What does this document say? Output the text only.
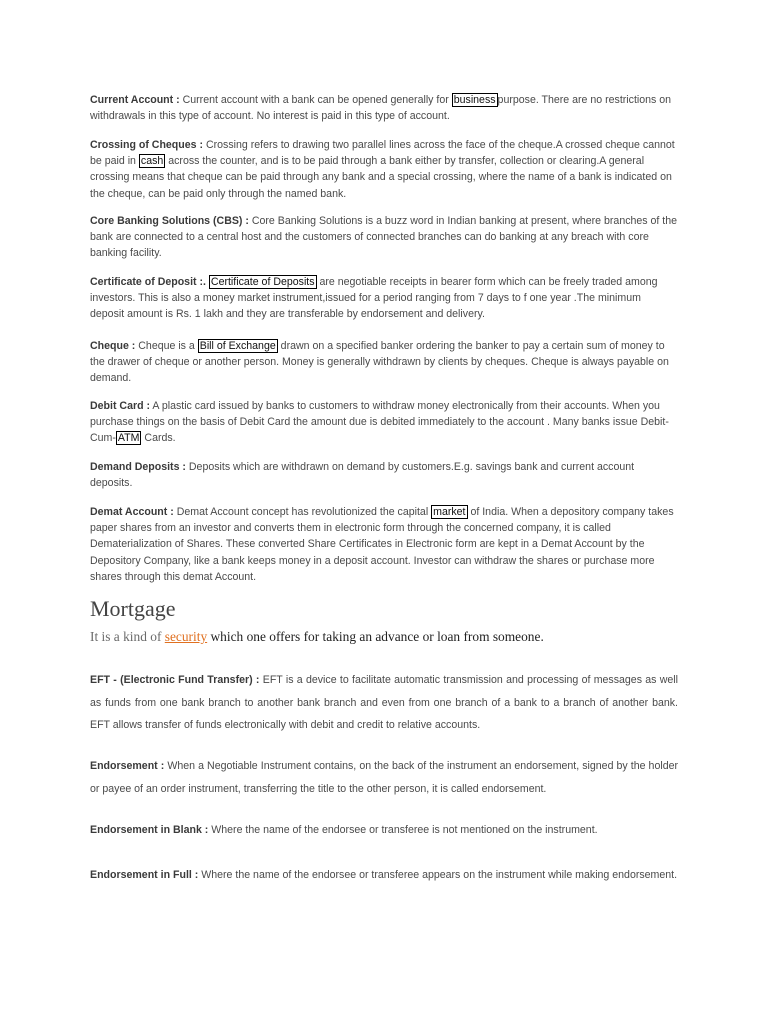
Current Account : Current account with a bank can be opened generally for business purpose. There are no restrictions on withdrawals in this type of account. No interest is paid in this type of account.

Crossing of Cheques : Crossing refers to drawing two parallel lines across the face of the cheque.A crossed cheque cannot be paid in cash across the counter, and is to be paid through a bank either by transfer, collection or clearing.A general crossing means that cheque can be paid through any bank and a special crossing, where the name of a bank is indicated on the cheque, can be paid only through the named bank.

Core Banking Solutions (CBS) : Core Banking Solutions is a buzz word in Indian banking at present, where branches of the bank are connected to a central host and the customers of connected branches can do banking at any breach with core banking facility.

Certificate of Deposit :. Certificate of Deposits are negotiable receipts in bearer form which can be freely traded among investors. This is also a money market instrument,issued for a period ranging from 7 days to f one year .The minimum deposit amount is Rs. 1 lakh and they are transferable by endorsement and delivery.

Cheque : Cheque is a Bill of Exchange drawn on a specified banker ordering the banker to pay a certain sum of money to the drawer of cheque or another person. Money is generally withdrawn by clients by cheques. Cheque is always payable on demand.

Debit Card : A plastic card issued by banks to customers to withdraw money electronically from their accounts. When you purchase things on the basis of Debit Card the amount due is debited immediately to the account . Many banks issue Debit-Cum- ATM Cards.

Demand Deposits : Deposits which are withdrawn on demand by customers.E.g. savings bank and current account deposits.

Demat Account : Demat Account concept has revolutionized the capital market of India. When a depository company takes paper shares from an investor and converts them in electronic form through the concerned company, it is called Dematerialization of Shares. These converted Share Certificates in Electronic form are kept in a Demat Account by the Depository Company, like a bank keeps money in a deposit account. Investor can withdraw the shares or purchase more shares through this demat Account.

Mortgage
It is a kind of security which one offers for taking an advance or loan from someone.

EFT - (Electronic Fund Transfer) : EFT is a device to facilitate automatic transmission and processing of messages as well as funds from one bank branch to another bank branch and even from one branch of a bank to a branch of another bank. EFT allows transfer of funds electronically with debit and credit to relative accounts.

Endorsement : When a Negotiable Instrument contains, on the back of the instrument an endorsement, signed by the holder or payee of an order instrument, transferring the title to the other person, it is called endorsement.

Endorsement in Blank : Where the name of the endorsee or transferee is not mentioned on the instrument.

Endorsement in Full : Where the name of the endorsee or transferee appears on the instrument while making endorsement.
